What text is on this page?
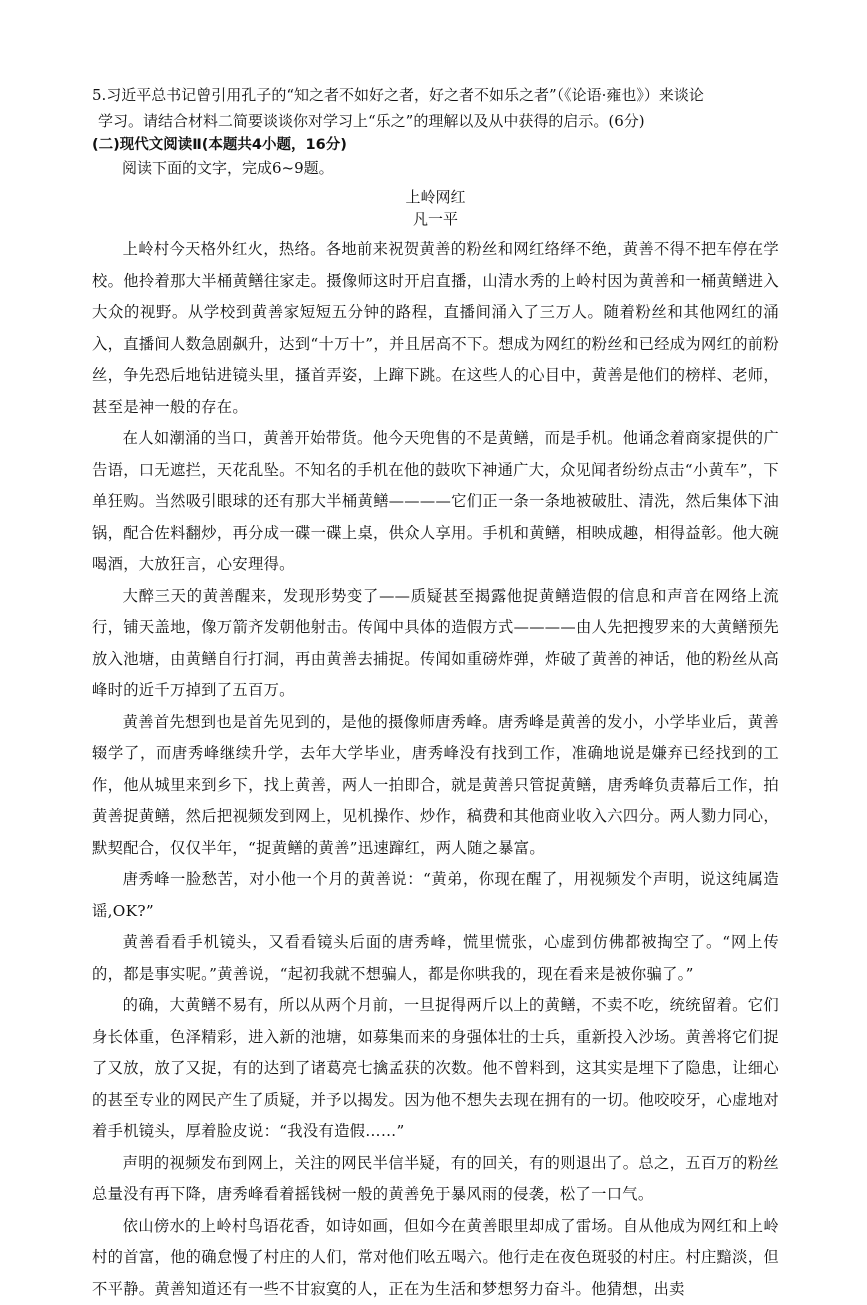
5.习近平总书记曾引用孔子的“知之者不如好之者，好之者不如乐之者”（《论语·雍也》）来谈论
学习。请结合材料二简要谈谈你对学习上“乐之”的理解以及从中获得的启示。(6分)

(二)现代文阅读Ⅱ(本题共4小题，16分)

阅读下面的文字，完成6~9题。

上岭网红

凡一平

上岭村今天格外红火，热络。各地前来祝贺黄善的粉丝和网红络绎不绝，黄善不得不把车停在学校。他拎着那大半桶黄鳝往家走。摄像师这时开启直播，山清水秀的上岭村因为黄善和一桶黄鳝进入大众的视野。从学校到黄善家短短五分钟的路程，直播间涌入了三万人。随着粉丝和其他网红的涌入，直播间人数急剧飙升，达到“十万十”，并且居高不下。想成为网红的粉丝和已经成为网红的前粉丝，争先恐后地钻进镜头里，搔首弄姿，上蹿下跳。在这些人的心目中，黄善是他们的榜样、老师，甚至是神一般的存在。

在人如潮涌的当口，黄善开始带货。他今天兜售的不是黄鳝，而是手机。他诵念着商家提供的广告语，口无遮拦，天花乱坠。不知名的手机在他的鼓吹下神通广大，众见闻者纷纷点击“小黄车”，下单狂购。当然吸引眼球的还有那大半桶黄鳝————它们正一条一条地被破肚、清洗，然后集体下油锅，配合佐料翻炒，再分成一碟一碟上桌，供众人享用。手机和黄鳝，相映成趣，相得益彰。他大碗喝酒，大放狂言，心安理得。

大醉三天的黄善醒来，发现形势变了——质疑甚至揭露他捉黄鳝造假的信息和声音在网络上流行，铺天盖地，像万箭齐发朝他射击。传闻中具体的造假方式————由人先把搜罗来的大黄鳝预先放入池塘，由黄鳝自行打洞，再由黄善去捕捉。传闻如重磅炸弹，炸破了黄善的神话，他的粉丝从高峰时的近千万掉到了五百万。

黄善首先想到也是首先见到的，是他的摄像师唐秀峰。唐秀峰是黄善的发小，小学毕业后，黄善辍学了，而唐秀峰继续升学，去年大学毕业，唐秀峰没有找到工作，准确地说是嫌弃已经找到的工作，他从城里来到乡下，找上黄善，两人一拍即合，就是黄善只管捉黄鳝，唐秀峰负责幕后工作，拍黄善捉黄鳝，然后把视频发到网上，见机操作、炒作，稿费和其他商业收入六四分。两人勠力同心，默契配合，仅仅半年，“捉黄鳝的黄善”迅速蹿红，两人随之暴富。

唐秀峰一脸愁苦，对小他一个月的黄善说：“黄弟，你现在醒了，用视频发个声明，说这纯属造谣,OK?”

黄善看看手机镜头，又看看镜头后面的唐秀峰，慌里慌张，心虚到仿佛都被掏空了。“网上传的，都是事实呢。”黄善说，“起初我就不想骗人，都是你哄我的，现在看来是被你骗了。”

的确，大黄鳝不易有，所以从两个月前，一旦捉得两斤以上的黄鳝，不卖不吃，统统留着。它们身长体重，色泽精彩，进入新的池塘，如募集而来的身强体壮的士兵，重新投入沙场。黄善将它们捉了又放，放了又捉，有的达到了诸葛亮七擒孟获的次数。他不曾料到，这其实是埋下了隐患，让细心的甚至专业的网民产生了质疑，并予以揭发。因为他不想失去现在拥有的一切。他咬咬牙，心虚地对着手机镜头，厚着脸皮说：“我没有造假……”

声明的视频发布到网上，关注的网民半信半疑，有的回关，有的则退出了。总之，五百万的粉丝总量没有再下降，唐秀峰看着摇钱树一般的黄善免于暴风雨的侵袭，松了一口气。

依山傍水的上岭村鸟语花香，如诗如画，但如今在黄善眼里却成了雷场。自从他成为网红和上岭村的首富，他的确怠慢了村庄的人们，常对他们吆五喝六。他行走在夜色斑驳的村庄。村庄黯淡，但不平静。黄善知道还有一些不甘寂寞的人，正在为生活和梦想努力奋斗。他猜想，出卖
